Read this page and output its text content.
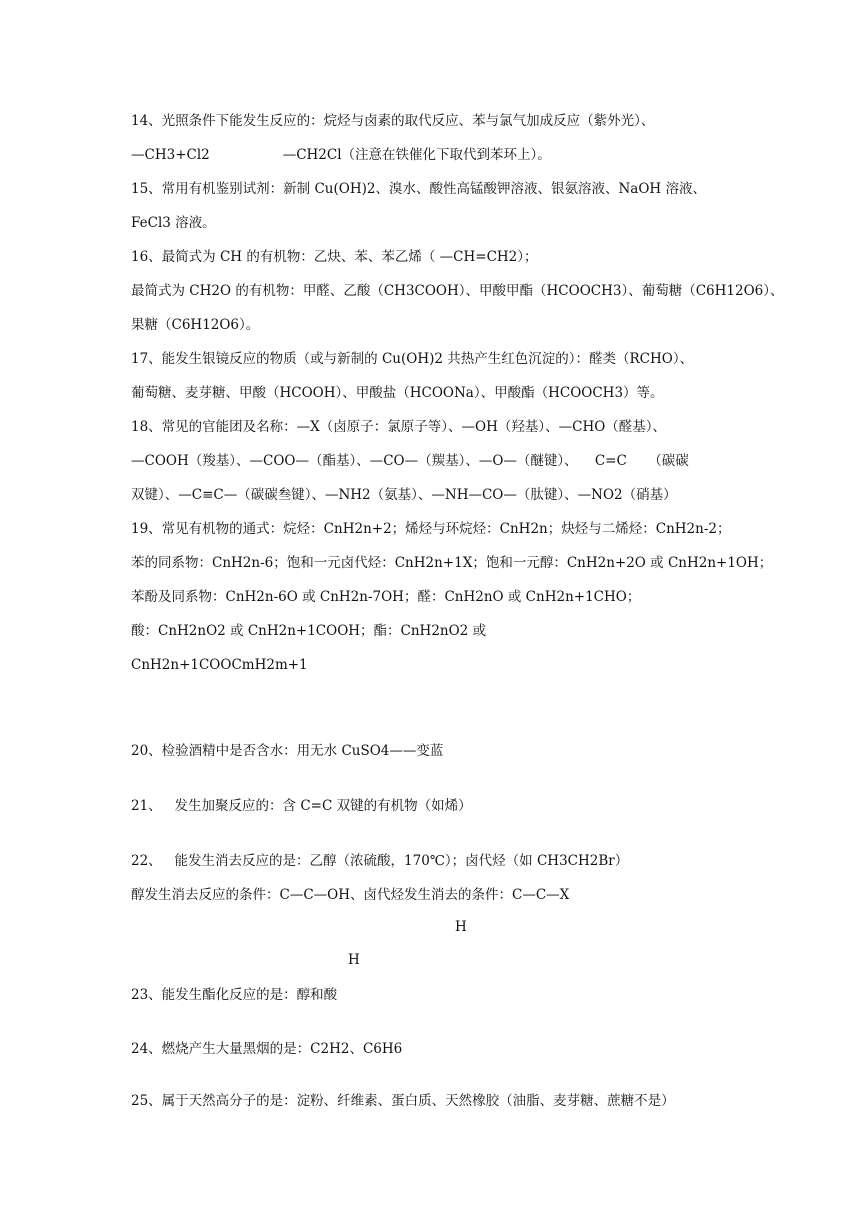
14、光照条件下能发生反应的：烷烃与卤素的取代反应、苯与氯气加成反应（紫外光）、
—CH3+Cl2                 —CH2Cl（注意在铁催化下取代到苯环上）。
15、常用有机鉴别试剂：新制 Cu(OH)2、溴水、酸性高锰酸钾溶液、银氨溶液、NaOH 溶液、
FeCl3 溶液。
16、最简式为 CH 的有机物：乙炔、苯、苯乙烯（ —CH=CH2）；
最简式为 CH2O 的有机物：甲醛、乙酸（CH3COOH）、甲酸甲酯（HCOOCH3）、葡萄糖（C6H12O6）、
果糖（C6H12O6）。
17、能发生银镜反应的物质（或与新制的 Cu(OH)2 共热产生红色沉淀的）：醛类（RCHO）、
葡萄糖、麦芽糖、甲酸（HCOOH）、甲酸盐（HCOONa）、甲酸酯（HCOOCH3）等。
18、常见的官能团及名称：—X（卤原子：氯原子等）、—OH（羟基）、—CHO（醛基）、
—COOH（羧基）、—COO—（酯基）、—CO—（羰基）、—O—（醚键）、    C=C     （碳碳
双键）、—C≡C—（碳碳叁键）、—NH2（氨基）、—NH—CO—（肽键）、—NO2（硝基）
19、常见有机物的通式：烷烃：CnH2n+2；烯烃与环烷烃：CnH2n；炔烃与二烯烃：CnH2n-2；
苯的同系物：CnH2n-6；饱和一元卤代烃：CnH2n+1X；饱和一元醇：CnH2n+2O 或 CnH2n+1OH；
苯酚及同系物：CnH2n-6O 或 CnH2n-7OH；醛：CnH2nO 或 CnH2n+1CHO；
酸：CnH2nO2 或 CnH2n+1COOH；酯：CnH2nO2 或
CnH2n+1COOCmH2m+1
20、检验酒精中是否含水：用无水 CuSO4——变蓝
21、   发生加聚反应的：含 C=C 双键的有机物（如烯）
22、   能发生消去反应的是：乙醇（浓硫酸，170℃）；卤代烃（如 CH3CH2Br）
醇发生消去反应的条件：C—C—OH、卤代烃发生消去的条件：C—C—X
H
H
23、能发生酯化反应的是：醇和酸
24、燃烧产生大量黑烟的是：C2H2、C6H6
25、属于天然高分子的是：淀粉、纤维素、蛋白质、天然橡胶（油脂、麦芽糖、蔗糖不是）
